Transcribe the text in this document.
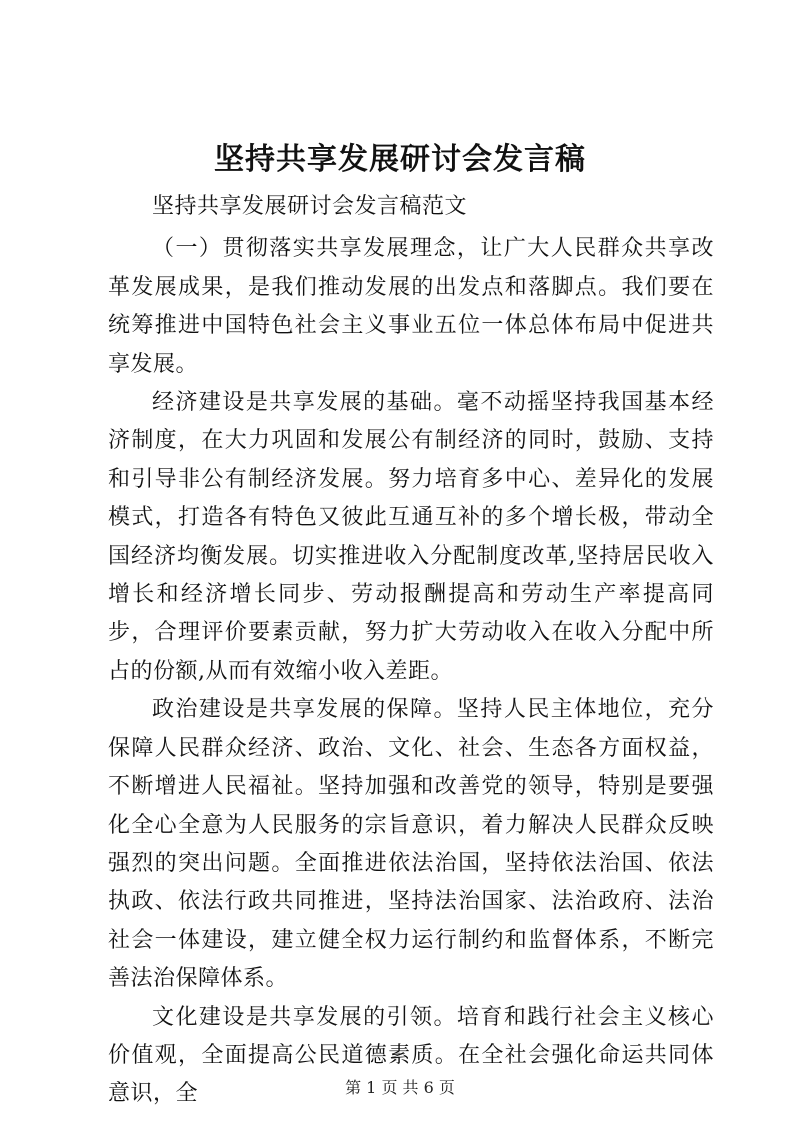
坚持共享发展研讨会发言稿

坚持共享发展研讨会发言稿范文

（一）贯彻落实共享发展理念，让广大人民群众共享改革发展成果，是我们推动发展的出发点和落脚点。我们要在统筹推进中国特色社会主义事业五位一体总体布局中促进共享发展。

经济建设是共享发展的基础。毫不动摇坚持我国基本经济制度，在大力巩固和发展公有制经济的同时，鼓励、支持和引导非公有制经济发展。努力培育多中心、差异化的发展模式，打造各有特色又彼此互通互补的多个增长极，带动全国经济均衡发展。切实推进收入分配制度改革,坚持居民收入增长和经济增长同步、劳动报酬提高和劳动生产率提高同步，合理评价要素贡献，努力扩大劳动收入在收入分配中所占的份额,从而有效缩小收入差距。

政治建设是共享发展的保障。坚持人民主体地位，充分保障人民群众经济、政治、文化、社会、生态各方面权益，不断增进人民福祉。坚持加强和改善党的领导，特别是要强化全心全意为人民服务的宗旨意识，着力解决人民群众反映强烈的突出问题。全面推进依法治国，坚持依法治国、依法执政、依法行政共同推进，坚持法治国家、法治政府、法治社会一体建设，建立健全权力运行制约和监督体系，不断完善法治保障体系。

文化建设是共享发展的引领。培育和践行社会主义核心价值观，全面提高公民道德素质。在全社会强化命运共同体意识，全	第 1 页 共 6 页
